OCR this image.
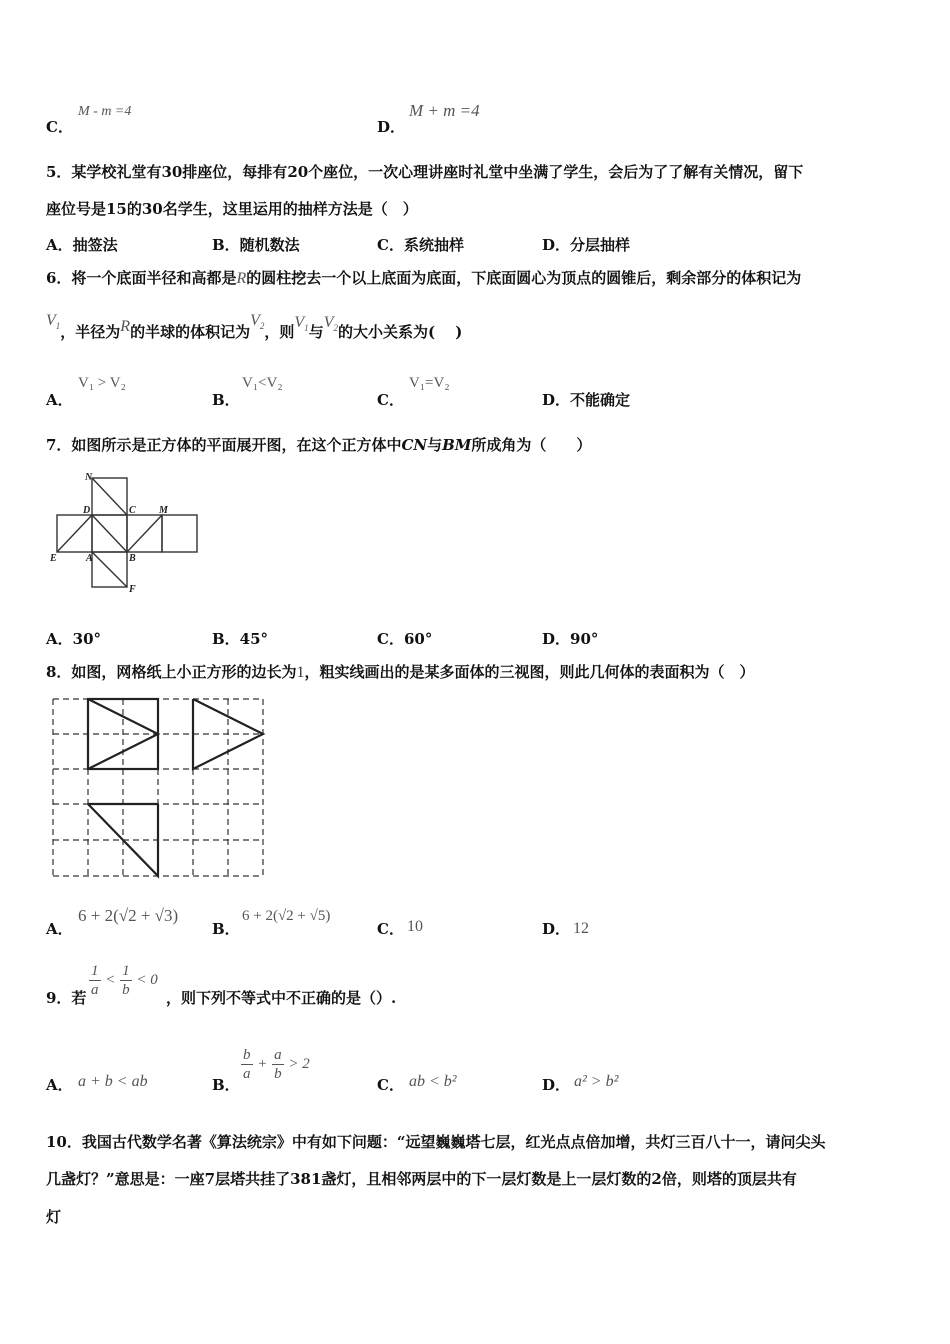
C．
M - m =4
D．
M + m =4
5．某学校礼堂有30排座位，每排有20个座位，一次心理讲座时礼堂中坐满了学生，会后为了了解有关情况，留下
座位号是15的30名学生，这里运用的抽样方法是（　）
A．抽签法	B．随机数法	C．系统抽样	D．分层抽样
6．将一个底面半径和高都是R的圆柱挖去一个以上底面为底面，下底面圆心为顶点的圆锥后，剩余部分的体积记为
$V_1$，半径为R的半球的体积记为$V_2$，则$V_1$与$V_2$的大小关系为(　 )
A．
V₁ > V₂
B．
V₁<V₂
C．
V₁=V₂
D．不能确定
7．如图所示是正方体的平面展开图，在这个正方体中CN与BM所成角为（　　）
N
D	C M
E	A	B
F
A．30°	B．45°	C．60°	D．90°
8．如图，网格纸上小正方形的边长为1，粗实线画出的是某多面体的三视图，则此几何体的表面积为（　）
A．
6 + 2(√2 + √3)
B．
6 + 2(√2 + √5)
C． 10	D． 12
9．若 $\frac{1}{a} < \frac{1}{b} < 0$
，则下列不等式中不正确的是（）.
A． a + b < ab	B．
$\frac{b}{a} + \frac{a}{b} > 2$
C． ab < b²	D． a² > b²
10．我国古代数学名著《算法统宗》中有如下问题：“远望巍巍塔七层，红光点点倍加增，共灯三百八十一，请问尖头
几盏灯？”意思是：一座7层塔共挂了381盏灯，且相邻两层中的下一层灯数是上一层灯数的2倍，则塔的顶层共有
灯
